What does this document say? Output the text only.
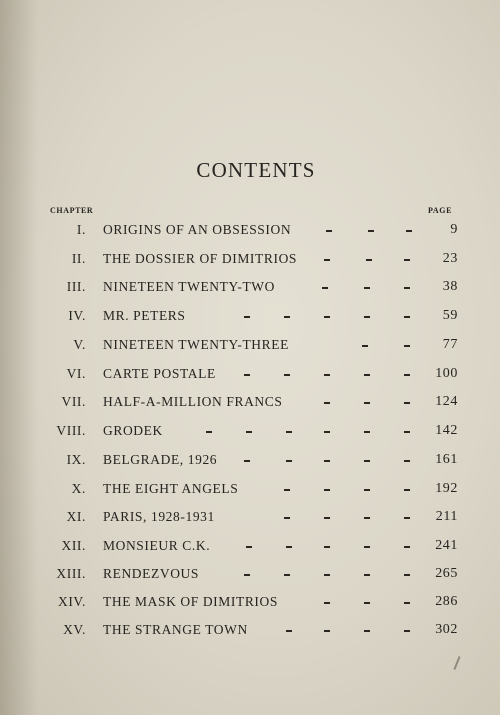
CONTENTS
CHAPTER	PAGE
I. ORIGINS OF AN OBSESSION	9
II. THE DOSSIER OF DIMITRIOS	23
III. NINETEEN TWENTY-TWO	38
IV. MR. PETERS	59
V. NINETEEN TWENTY-THREE	77
VI. CARTE POSTALE	100
VII. HALF-A-MILLION FRANCS	124
VIII. GRODEK	142
IX. BELGRADE, 1926	161
X. THE EIGHT ANGELS	192
XI. PARIS, 1928-1931	211
XII. MONSIEUR C.K.	241
XIII. RENDEZVOUS	265
XIV. THE MASK OF DIMITRIOS	286
XV. THE STRANGE TOWN	302
